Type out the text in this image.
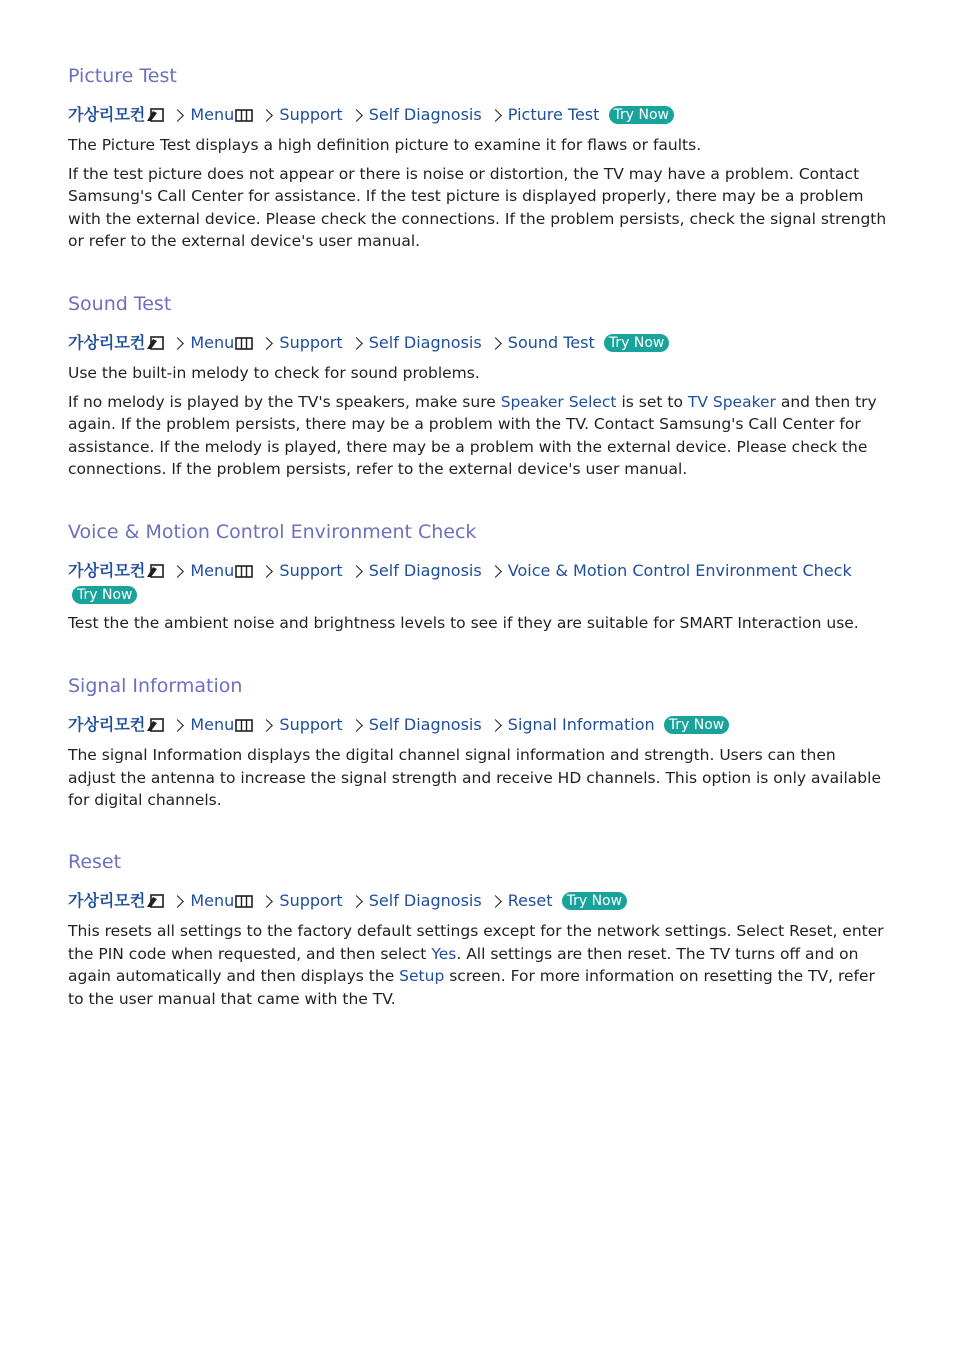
Picture Test
가상리모컨	Menu	Support Self Diagnosis Picture Test Try Now

The Picture Test displays a high definition picture to examine it for flaws or faults.

If the test picture does not appear or there is noise or distortion, the TV may have a problem. Contact Samsung's Call Center for assistance. If the test picture is displayed properly, there may be a problem with the external device. Please check the connections. If the problem persists, check the signal strength or refer to the external device's user manual.

Sound Test
가상리모컨	Menu	Support Self Diagnosis Sound Test Try Now

Use the built-in melody to check for sound problems.

If no melody is played by the TV's speakers, make sure Speaker Select is set to TV Speaker and then try again. If the problem persists, there may be a problem with the TV. Contact Samsung's Call Center for assistance. If the melody is played, there may be a problem with the external device. Please check the connections. If the problem persists, refer to the external device's user manual.

Voice & Motion Control Environment Check
가상리모컨	Menu	Support Self Diagnosis Voice & Motion Control Environment Check Try Now

Test the the ambient noise and brightness levels to see if they are suitable for SMART Interaction use.

Signal Information
가상리모컨	Menu	Support Self Diagnosis Signal Information Try Now

The signal Information displays the digital channel signal information and strength. Users can then adjust the antenna to increase the signal strength and receive HD channels. This option is only available for digital channels.

Reset
가상리모컨	Menu	Support Self Diagnosis Reset Try Now

This resets all settings to the factory default settings except for the network settings. Select Reset, enter the PIN code when requested, and then select Yes. All settings are then reset. The TV turns off and on again automatically and then displays the Setup screen. For more information on resetting the TV, refer to the user manual that came with the TV.
